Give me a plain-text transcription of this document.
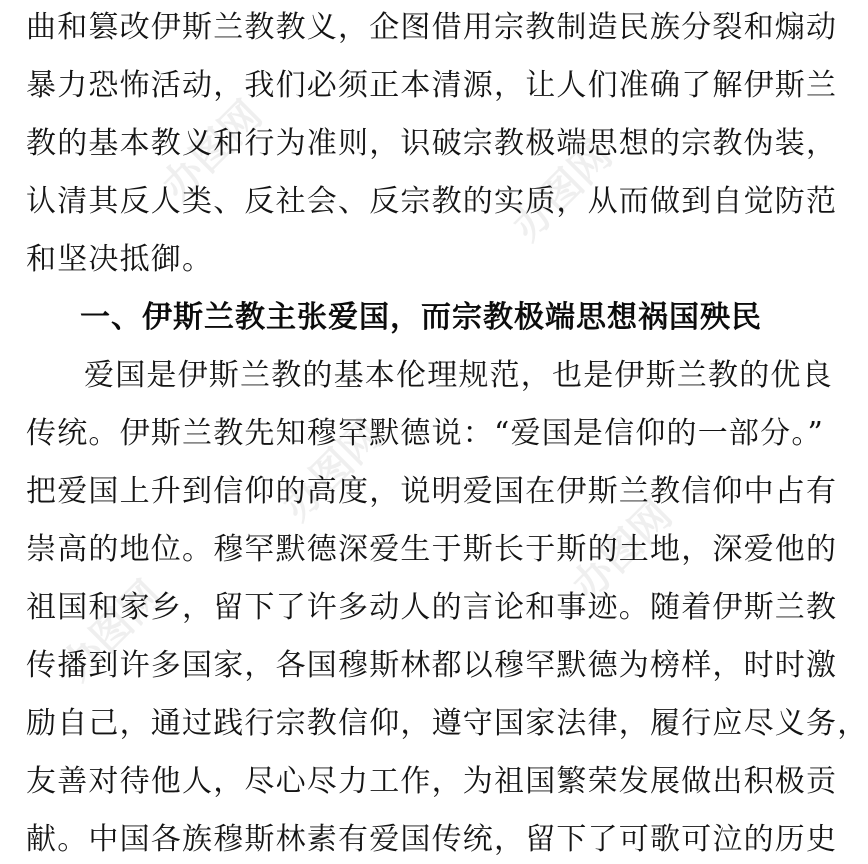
办图网	办图网
办图网
办图网
办图网
曲和篡改伊斯兰教教义，企图借用宗教制造民族分裂和煽动
暴力恐怖活动，我们必须正本清源，让人们准确了解伊斯兰
教的基本教义和行为准则，识破宗教极端思想的宗教伪装，
认清其反人类、反社会、反宗教的实质，从而做到自觉防范
和坚决抵御。
一、伊斯兰教主张爱国，而宗教极端思想祸国殃民
爱国是伊斯兰教的基本伦理规范，也是伊斯兰教的优良
传统。伊斯兰教先知穆罕默德说：“爱国是信仰的一部分。”
把爱国上升到信仰的高度，说明爱国在伊斯兰教信仰中占有
崇高的地位。穆罕默德深爱生于斯长于斯的土地，深爱他的
祖国和家乡，留下了许多动人的言论和事迹。随着伊斯兰教
传播到许多国家，各国穆斯林都以穆罕默德为榜样，时时激
励自己，通过践行宗教信仰，遵守国家法律，履行应尽义务，
友善对待他人，尽心尽力工作，为祖国繁荣发展做出积极贡
献。中国各族穆斯林素有爱国传统，留下了可歌可泣的历史
